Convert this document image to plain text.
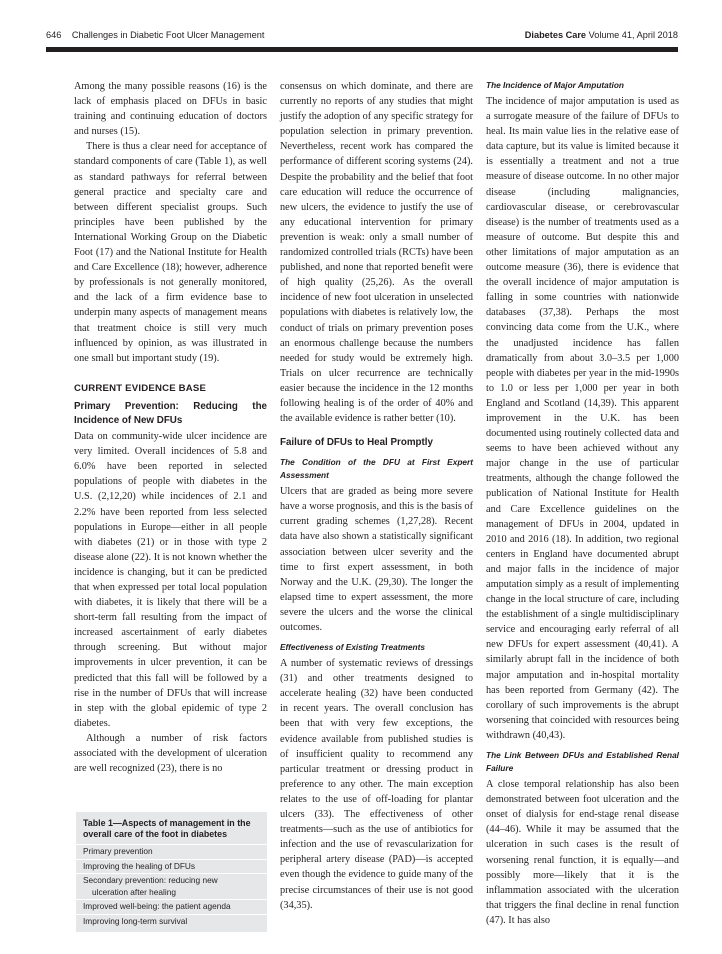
646 Challenges in Diabetic Foot Ulcer Management	Diabetes Care Volume 41, April 2018

Among the many possible reasons (16) is the lack of emphasis placed on DFUs in basic training and continuing education of doctors and nurses (15).

There is thus a clear need for acceptance of standard components of care (Table 1), as well as standard pathways for referral between general practice and specialty care and between different specialist groups. Such principles have been published by the International Working Group on the Diabetic Foot (17) and the National Institute for Health and Care Excellence (18); however, adherence by professionals is not generally monitored, and the lack of a firm evidence base to underpin many aspects of management means that treatment choice is still very much influenced by opinion, as was illustrated in one small but important study (19).

CURRENT EVIDENCE BASE
Primary Prevention: Reducing the Incidence of New DFUs

Data on community-wide ulcer incidence are very limited. Overall incidences of 5.8 and 6.0% have been reported in selected populations of people with diabetes in the U.S. (2,12,20) while incidences of 2.1 and 2.2% have been reported from less selected populations in Europe—either in all people with diabetes (21) or in those with type 2 disease alone (22). It is not known whether the incidence is changing, but it can be predicted that when expressed per total local population with diabetes, it is likely that there will be a short-term fall resulting from the impact of increased ascertainment of early diabetes through screening. But without major improvements in ulcer prevention, it can be predicted that this fall will be followed by a rise in the number of DFUs that will increase in step with the global epidemic of type 2 diabetes.

Although a number of risk factors associated with the development of ulceration are well recognized (23), there is no

Table 1—Aspects of management in the overall care of the foot in diabetes
Primary prevention
Improving the healing of DFUs
Secondary prevention: reducing new
ulceration after healing
Improved well-being: the patient agenda
Improving long-term survival

consensus on which dominate, and there are currently no reports of any studies that might justify the adoption of any specific strategy for population selection in primary prevention. Nevertheless, recent work has compared the performance of different scoring systems (24). Despite the probability and the belief that foot care education will reduce the occurrence of new ulcers, the evidence to justify the use of any educational intervention for primary prevention is weak: only a small number of randomized controlled trials (RCTs) have been published, and none that reported benefit were of high quality (25,26). As the overall incidence of new foot ulceration in unselected populations with diabetes is relatively low, the conduct of trials on primary prevention poses an enormous challenge because the numbers needed for study would be extremely high. Trials on ulcer recurrence are technically easier because the incidence in the 12 months following healing is of the order of 40% and the available evidence is rather better (10).

Failure of DFUs to Heal Promptly
The Condition of the DFU at First Expert Assessment

Ulcers that are graded as being more severe have a worse prognosis, and this is the basis of current grading schemes (1,27,28). Recent data have also shown a statistically significant association between ulcer severity and the time to first expert assessment, in both Norway and the U.K. (29,30). The longer the elapsed time to expert assessment, the more severe the ulcers and the worse the clinical outcomes.

Effectiveness of Existing Treatments

A number of systematic reviews of dressings (31) and other treatments designed to accelerate healing (32) have been conducted in recent years. The overall conclusion has been that with very few exceptions, the evidence available from published studies is of insufficient quality to recommend any particular treatment or dressing product in preference to any other. The main exception relates to the use of off-loading for plantar ulcers (33). The effectiveness of other treatments—such as the use of antibiotics for infection and the use of revascularization for peripheral artery disease (PAD)—is accepted even though the evidence to guide many of the precise circumstances of their use is not good (34,35).

The Incidence of Major Amputation

The incidence of major amputation is used as a surrogate measure of the failure of DFUs to heal. Its main value lies in the relative ease of data capture, but its value is limited because it is essentially a treatment and not a true measure of disease outcome. In no other major disease (including malignancies, cardiovascular disease, or cerebrovascular disease) is the number of treatments used as a measure of outcome. But despite this and other limitations of major amputation as an outcome measure (36), there is evidence that the overall incidence of major amputation is falling in some countries with nationwide databases (37,38). Perhaps the most convincing data come from the U.K., where the unadjusted incidence has fallen dramatically from about 3.0–3.5 per 1,000 people with diabetes per year in the mid-1990s to 1.0 or less per 1,000 per year in both England and Scotland (14,39). This apparent improvement in the U.K. has been documented using routinely collected data and seems to have been achieved without any major change in the use of particular treatments, although the change followed the publication of National Institute for Health and Care Excellence guidelines on the management of DFUs in 2004, updated in 2010 and 2016 (18). In addition, two regional centers in England have documented abrupt and major falls in the incidence of major amputation simply as a result of implementing change in the local structure of care, including the establishment of a single multidisciplinary service and encouraging early referral of all new DFUs for expert assessment (40,41). A similarly abrupt fall in the incidence of both major amputation and in-hospital mortality has been reported from Germany (42). The corollary of such improvements is the abrupt worsening that coincided with resources being withdrawn (40,43).

The Link Between DFUs and Established Renal Failure

A close temporal relationship has also been demonstrated between foot ulceration and the onset of dialysis for end-stage renal disease (44–46). While it may be assumed that the ulceration in such cases is the result of worsening renal function, it is equally—and possibly more—likely that it is the inflammation associated with the ulceration that triggers the final decline in renal function (47). It has also
